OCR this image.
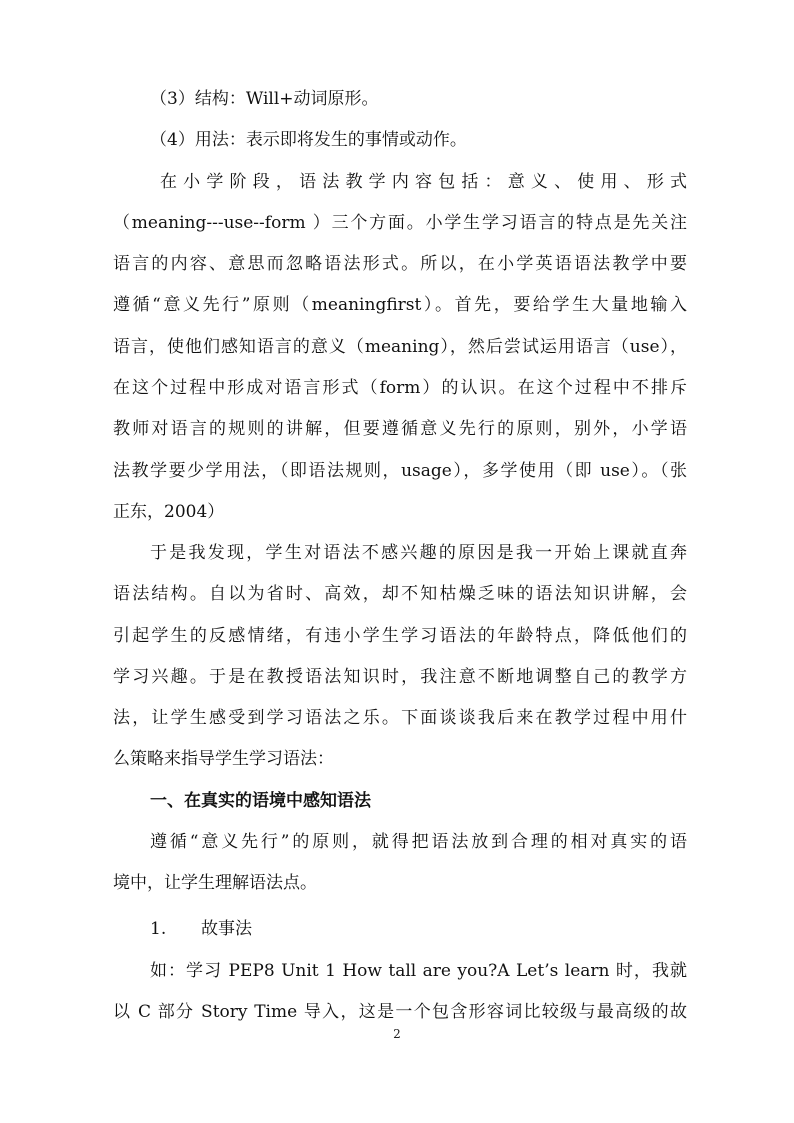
（3）结构：Will+动词原形。
（4）用法：表示即将发生的事情或动作。
在小学阶段，语法教学内容包括：意义、使用、形式
（meaning---use--form ）三个方面。小学生学习语言的特点是先关注
语言的内容、意思而忽略语法形式。所以，在小学英语语法教学中要
遵循“意义先行”原则（meaningfirst）。首先，要给学生大量地输入
语言，使他们感知语言的意义（meaning），然后尝试运用语言（use），
在这个过程中形成对语言形式（form）的认识。在这个过程中不排斥
教师对语言的规则的讲解，但要遵循意义先行的原则，别外，小学语
法教学要少学用法，（即语法规则，usage），多学使用（即 use）。（张
正东，2004）
于是我发现，学生对语法不感兴趣的原因是我一开始上课就直奔
语法结构。自以为省时、高效，却不知枯燥乏味的语法知识讲解，会
引起学生的反感情绪，有违小学生学习语法的年龄特点，降低他们的
学习兴趣。于是在教授语法知识时，我注意不断地调整自己的教学方
法，让学生感受到学习语法之乐。下面谈谈我后来在教学过程中用什
么策略来指导学生学习语法：
一、在真实的语境中感知语法
遵循“意义先行”的原则，就得把语法放到合理的相对真实的语
境中，让学生理解语法点。
1. 故事法
如：学习 PEP8 Unit 1 How tall are you?A Let’s learn 时，我就
以 C 部分 Story Time 导入，这是一个包含形容词比较级与最高级的故
2
